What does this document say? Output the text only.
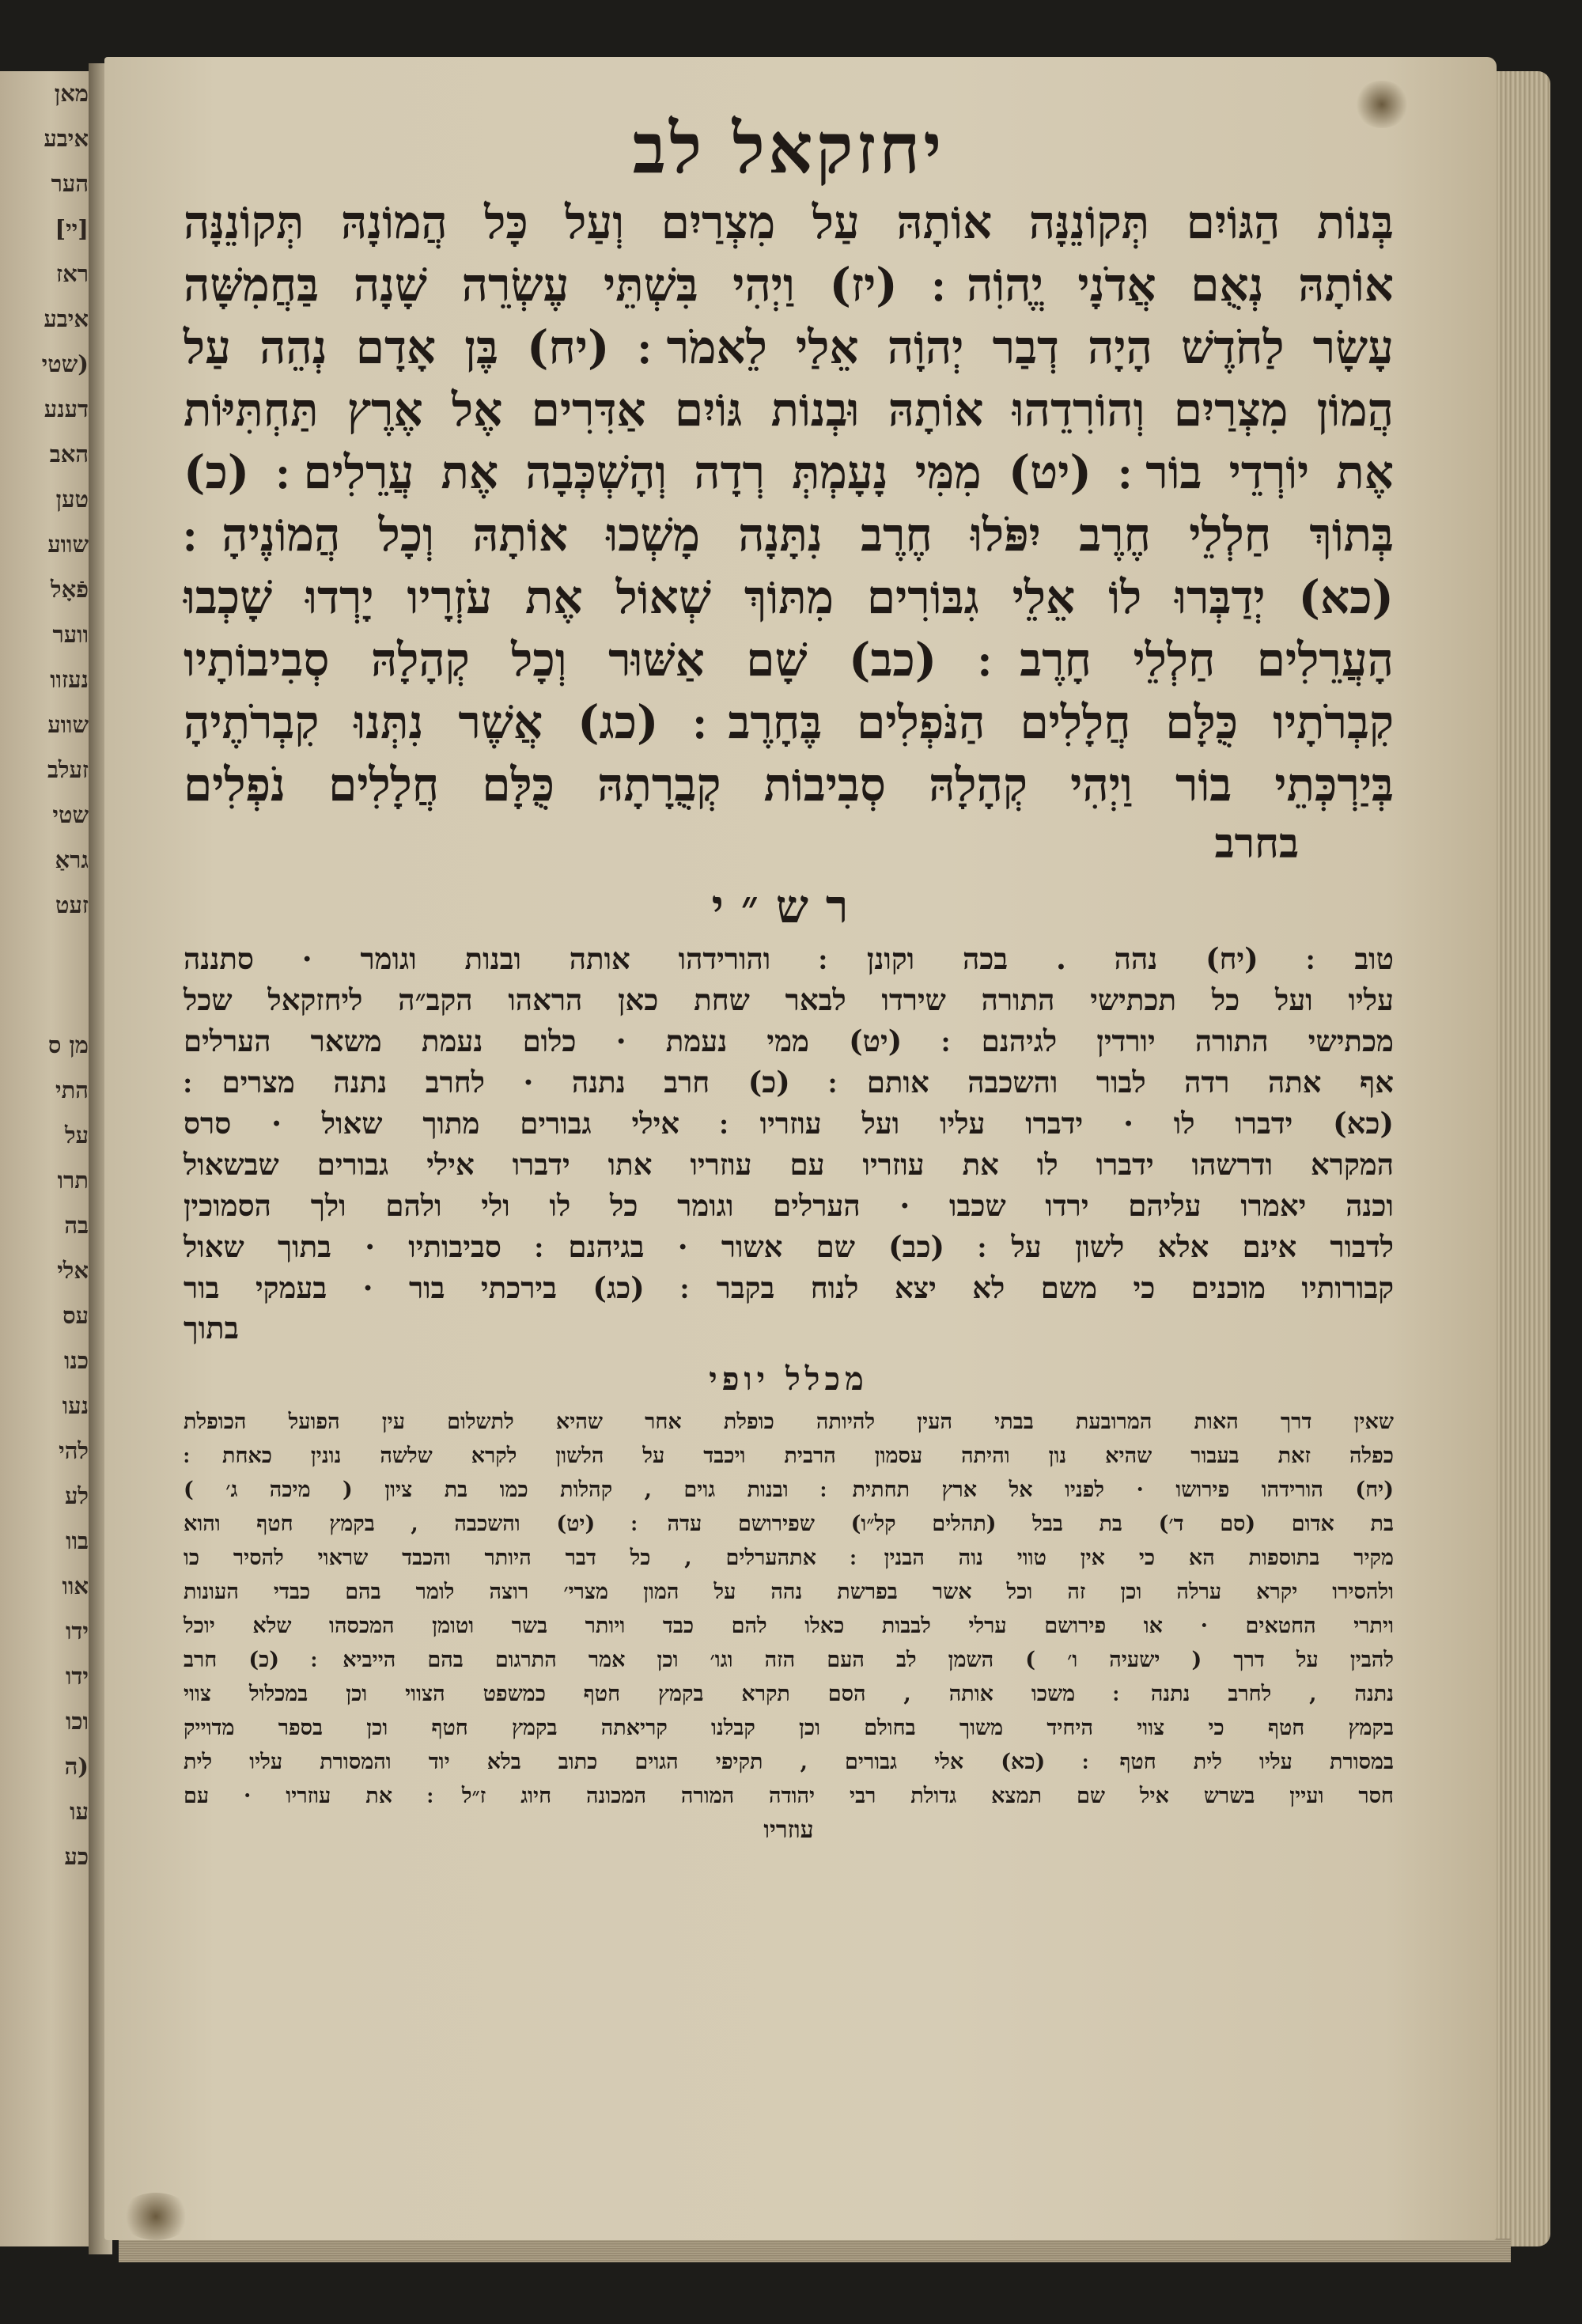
מאן
איבע
הער
[יי]
ראז
איבע
(שטי
דענע
האב
טען
שווע
פֿאָל
ווער
נעזוו
שווע
זעלב
שטי
גראַ
זעט
מן ס
התי
על
תרו
בה
אלי
עס
כנו
נעו
להי
לע
בוו
אוו
ידו
ידו
וכו
(ה
עו
כע
יחזקאל לב
בְּנוֹת הַגּוֹיִם תְּקוֹנֵנָּה אוֹתָהּ עַל מִצְרַיִם וְעַל כָּל הֲמוֹנָהּ תְּקוֹנֵנָּה
אוֹתָהּ נְאֻם אֲדֹנָי יֱהוִֹה ׃ (יז) וַיְהִי בִּשְׁתֵּי עֶשְׂרֵה שָׁנָה בַּחֲמִשָּׁה
עָשָׂר לַחֹדֶשׁ הָיָה דְבַר יְהוָֹה אֵלַי לֵאמֹר ׃ (יח) בֶּן אָדָם נְהֵה עַל
הֲמוֹן מִצְרַיִם וְהוֹרִדֵהוּ אוֹתָהּ וּבְנוֹת גּוֹיִם אַדִּרִים אֶל אֶרֶץ תַּחְתִּיּוֹת
אֶת יוֹרְדֵי בוֹר ׃ (יט) מִמִּי נָעָמְתְּ רְדָה וְהָשְׁכְּבָה אֶת עֲרֵלִים ׃ (כ)
בְּתוֹךְ חַלְלֵי חֶרֶב יִפֹּלוּ חֶרֶב נִתָּנָה מָשְׁכוּ אוֹתָהּ וְכָל הֲמוֹנֶיהָ ׃
(כא) יְדַבְּרוּ לוֹ אֵלֵי גִבּוֹרִים מִתּוֹךְ שְׁאוֹל אֶת עֹזְרָיו יָרְדוּ שָׁכְבוּ
הָעֲרֵלִים חַלְלֵי חָרֶב ׃ (כב) שָׁם אַשּׁוּר וְכָל קְהָלָהּ סְבִיבוֹתָיו
קִבְרֹתָיו כֻּלָּם חֲלָלִים הַנֹּפְלִים בֶּחָרֶב ׃ (כג) אֲשֶׁר נִתְּנוּ קִבְרֹתֶיהָ
בְּיַרְכְּתֵי בוֹר וַיְהִי קְהָלָהּ סְבִיבוֹת קְבֻרָתָהּ כֻּלָּם חֲלָלִים נֹפְלִים
בחרב
רש״י
טוב ׃ (יח) נהה . בכה וקונן ׃ והורידהו אותה ובנות וגומר · סתננה
עליו ועל כל תכתישי התורה שירדו לבאר שחת כאן הראהו הקב״ה ליחזקאל שכל
מכתישי התורה יורדין לגיהנם ׃ (יט) ממי נעמת · כלום נעמת משאר הערלים
אף אתה רדה לבור והשכבה אותם ׃ (כ) חרב נתנה · לחרב נתנה מצרים ׃
(כא) ידברו לו · ידברו עליו ועל עוזריו ׃ אילי גבורים מתוך שאול · סרס
המקרא ודרשהו ידברו לו את עוזריו עם עוזריו אתו ידברו אילי גבורים שבשאול
וכנה יאמרו עליהם ירדו שכבו · הערלים וגומר כל לו ולי ולהם ולך הסמוכין
לדבור אינם אלא לשון על ׃ (כב) שם אשור · בגיהנם ׃ סביבותיו · בתוך שאול
קבורותיו מוכנים כי משם לא יצא לנוח בקבר ׃ (כג) בירכתי בור · בעמקי בור
בתוך
מכלל יופי
שאין דרך האות המרובעת בבתי העין להיותה כופלת אחר שהיא לתשלום עין הפועל הכופלת
כפלה זאת בעבור שהיא נון והיתה עסמון הרבית ויכבד על הלשון לקרא שלשה נונין כאחת ׃
(יח) הורידהו פירושו · לפניו אל ארץ תחתית ׃ ובנות גוים , קהלות כמו בת ציון ( מיכה ג׳ )
בת אדום (סם ד׳) בת בבל (תהלים קל״ו) שפירושם עדה ׃ (יט) והשכבה , בקמץ חטף והוא
מקיר בתוספות הא כי אין טווי נוה הבנין ׃ אתהערלים , כל דבר היותר והכבד שראוי להסיר כו
ולהסירו יקרא ערלה וכן זה וכל אשר בפרשת נהה על המון מצרי׳ רוצה לומר בהם כבדי העונות
ויתרי החטאים · או פירושם ערלי לבבות כאלו להם כבד ויותר בשר וטומן המכסהו שלא יוכל
להבין על דרך ( ישעיה ו׳ ) השמן לב העם הזה וגו׳ וכן אמר התרגום בהם הייביא ׃ (כ) חרב
נתנה , לחרב נתנה ׃ משכו אותה , הסם תקרא בקמץ חטף כמשפט הצווי וכן במכלול צווי
בקמץ חטף כי צווי היחיד משוך בחולם וכן קבלנו קריאתה בקמץ חטף וכן בספר מדוייק
במסורת עליו לית חטף ׃ (כא) אלי גבורים , תקיפי הגוים כתוב בלא יוד והמסורת עליו לית
חסר ועיין בשרש איל שם תמצא גדולת רבי יהודה המורה המכונה חיוג ז״ל ׃ את עוזריו · עם
עוזריו
